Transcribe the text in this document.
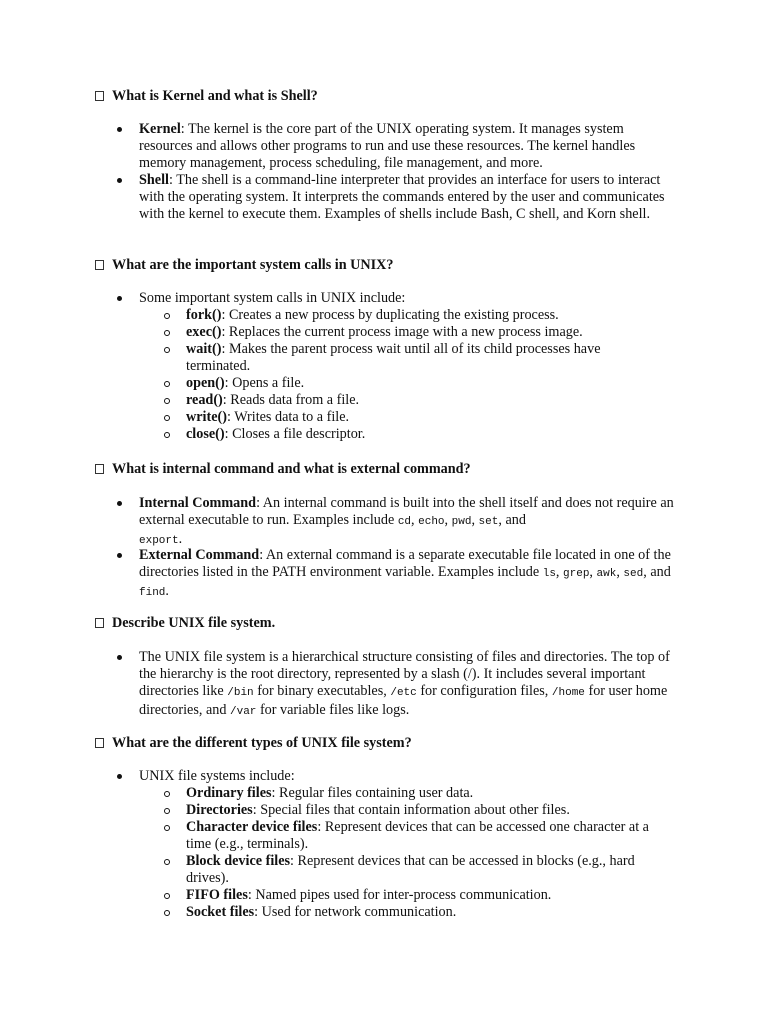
What is Kernel and what is Shell?
Kernel: The kernel is the core part of the UNIX operating system. It manages system resources and allows other programs to run and use these resources. The kernel handles memory management, process scheduling, file management, and more.
Shell: The shell is a command-line interpreter that provides an interface for users to interact with the operating system. It interprets the commands entered by the user and communicates with the kernel to execute them. Examples of shells include Bash, C shell, and Korn shell.
What are the important system calls in UNIX?
Some important system calls in UNIX include:
fork(): Creates a new process by duplicating the existing process.
exec(): Replaces the current process image with a new process image.
wait(): Makes the parent process wait until all of its child processes have terminated.
open(): Opens a file.
read(): Reads data from a file.
write(): Writes data to a file.
close(): Closes a file descriptor.
What is internal command and what is external command?
Internal Command: An internal command is built into the shell itself and does not require an external executable to run. Examples include cd, echo, pwd, set, and
export.
External Command: An external command is a separate executable file located in one of the directories listed in the PATH environment variable. Examples include ls, grep, awk, sed, and find.
Describe UNIX file system.
The UNIX file system is a hierarchical structure consisting of files and directories. The top of the hierarchy is the root directory, represented by a slash (/). It includes several important directories like /bin for binary executables, /etc for configuration files, /home for user home directories, and /var for variable files like logs.
What are the different types of UNIX file system?
UNIX file systems include:
Ordinary files: Regular files containing user data.
Directories: Special files that contain information about other files.
Character device files: Represent devices that can be accessed one character at a time (e.g., terminals).
Block device files: Represent devices that can be accessed in blocks (e.g., hard drives).
FIFO files: Named pipes used for inter-process communication.
Socket files: Used for network communication.
